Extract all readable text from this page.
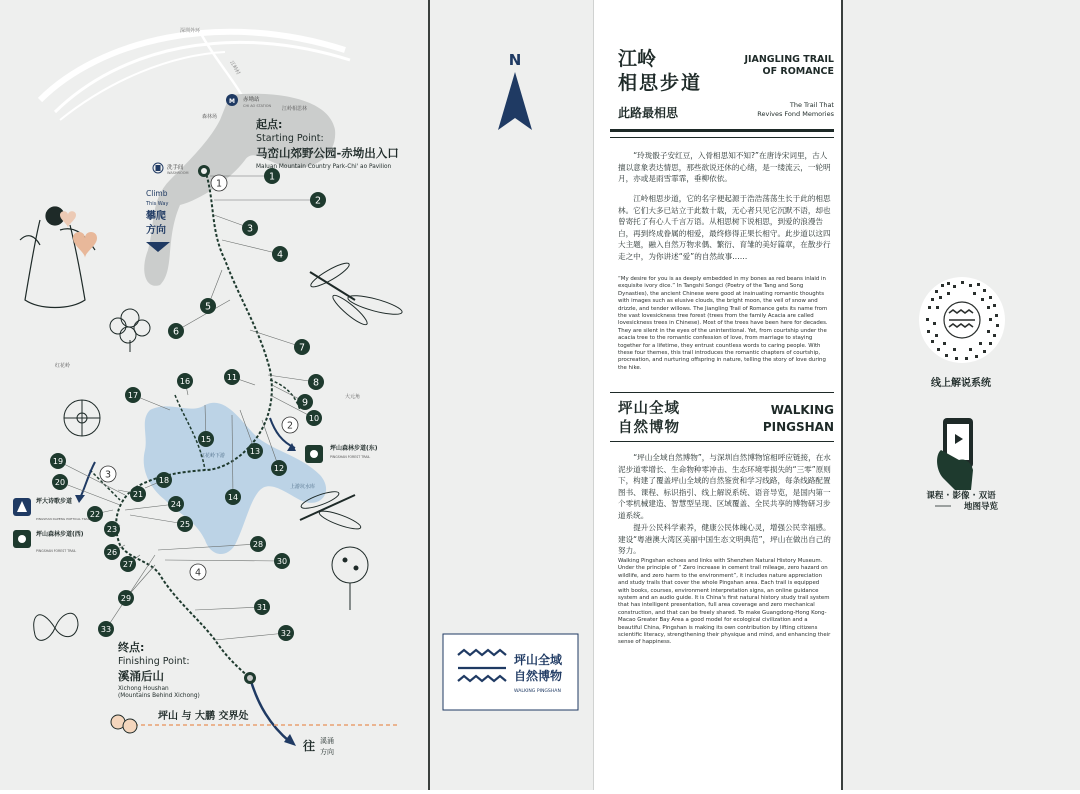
深圳外环
江岭村
江岭相思林
森林场
红花岭
大元角
红花岭下游
上游坑水库
M 赤坳站
CHI AO STATION
洗手间
WASHROOM	1
2
3
4
5
6
7
8
9
10
11
12
13
14
15
16
17
18
19
20
21
22
23
24
25
26
27
28
29
30
31
32
33
1
2
3
4
起点:
Starting Point:
马峦山郊野公园-赤坳出入口
Maluan Mountain Country Park-Chi' ao Pavilion
Climb
This Way
攀爬
方向
坪山森林步道(东)
PINGSHAN FOREST TRAIL
坪大诗歌步道
PINGSHAN DAPENG POETICAL TRAIL
坪山森林步道(西)
PINGSHAN FOREST TRAIL
终点:
Finishing Point:
溪涌后山
Xichong Houshan
(Mountains Behind Xichong)
坪山 与 大鹏 交界处
往 溪涌
方向
N
坪山全域
自然博物
WALKING PINGSHAN
江岭
相思步道
JIANGLING TRAIL
OF ROMANCE
此路最相思
The Trail That
Revives Fond Memories
“玲珑骰子安红豆，入骨相思知不知?”在唐诗宋词里，古人擅以意象表达情思，那些欲说还休的心绪，是一缕流云，一轮明月，亦或是雨雪霏霏，垂柳依依。
江岭相思步道，它的名字便起源于浩浩荡荡生长于此的相思林。它们大多已站立于此数十载，无心者只见它沉默不语，却也曾寄托了有心人千言万语。从相思树下说相思，到爱的浪漫告白，再到终成眷属的相爱，最终修得正果长相守。此步道以这四大主题，融入自然万物求偶、繁衍、育雏的美好篇章，在散步行走之中，为你讲述“爱”的自然故事……
“My desire for you is as deeply embedded in my bones as red beans inlaid in exquisite ivory dice.” In Tangshi Songci (Poetry of the Tang and Song Dynasties), the ancient Chinese were good at insinuating romantic thoughts with images such as elusive clouds, the bright moon, the veil of snow and drizzle, and tender willows. The Jiangling Trail of Romance gets its name from the vast lovesickness tree forest (trees from the family Acacia are called lovesickness trees in Chinese). Most of the trees have been here for decades. They are silent in the eyes of the unintentional. Yet, from courtship under the acacia tree to the romantic confession of love, from marriage to staying together for a lifetime, they entrust countless words to caring people. With these four themes, this trail introduces the romantic chapters of courtship, procreation, and nurturing offspring in nature, telling the story of love during the hike.
坪山全域
自然博物
WALKING
PINGSHAN
“坪山全域自然博物”，与深圳自然博物馆相呼应链接，在水泥步道零增长、生命物种零冲击、生态环境零损失的“三零”原则下，构建了覆盖坪山全域的自然鉴赏和学习线路，每条线路配置图书、课程、标识指引、线上解说系统、语音导览，是国内第一个零机械建造、智慧型呈现、区域覆盖、全民共享的博物研习步道系统。
提升公民科学素养，健康公民体魄心灵，增强公民幸福感。建设“粤港澳大湾区美丽中国生态文明典范”，坪山在做出自己的努力。
Walking Pingshan echoes and links with Shenzhen Natural History Museum. Under the principle of “ Zero increase in cement trail mileage, zero hazard on wildlife, and zero harm to the environment”, it includes nature appreciation and study trails that cover the whole Pingshan area. Each trail is equipped with books, courses, environment interpretation signs, an online guidance system and an audio guide. It is China's first natural history study trail system that has intelligent presentation, full area coverage and zero mechanical construction, and that can be freely shared. To make Guangdong-Hong Kong-Macao Greater Bay Area a good model for ecological civilization and a beautiful China, Pingshan is making its own contribution by lifting citizens scientific literacy, strengthening their physique and mind, and enhancing their sense of happiness.
线上解说系统
课程 · 影像 · 双语
地图导览
